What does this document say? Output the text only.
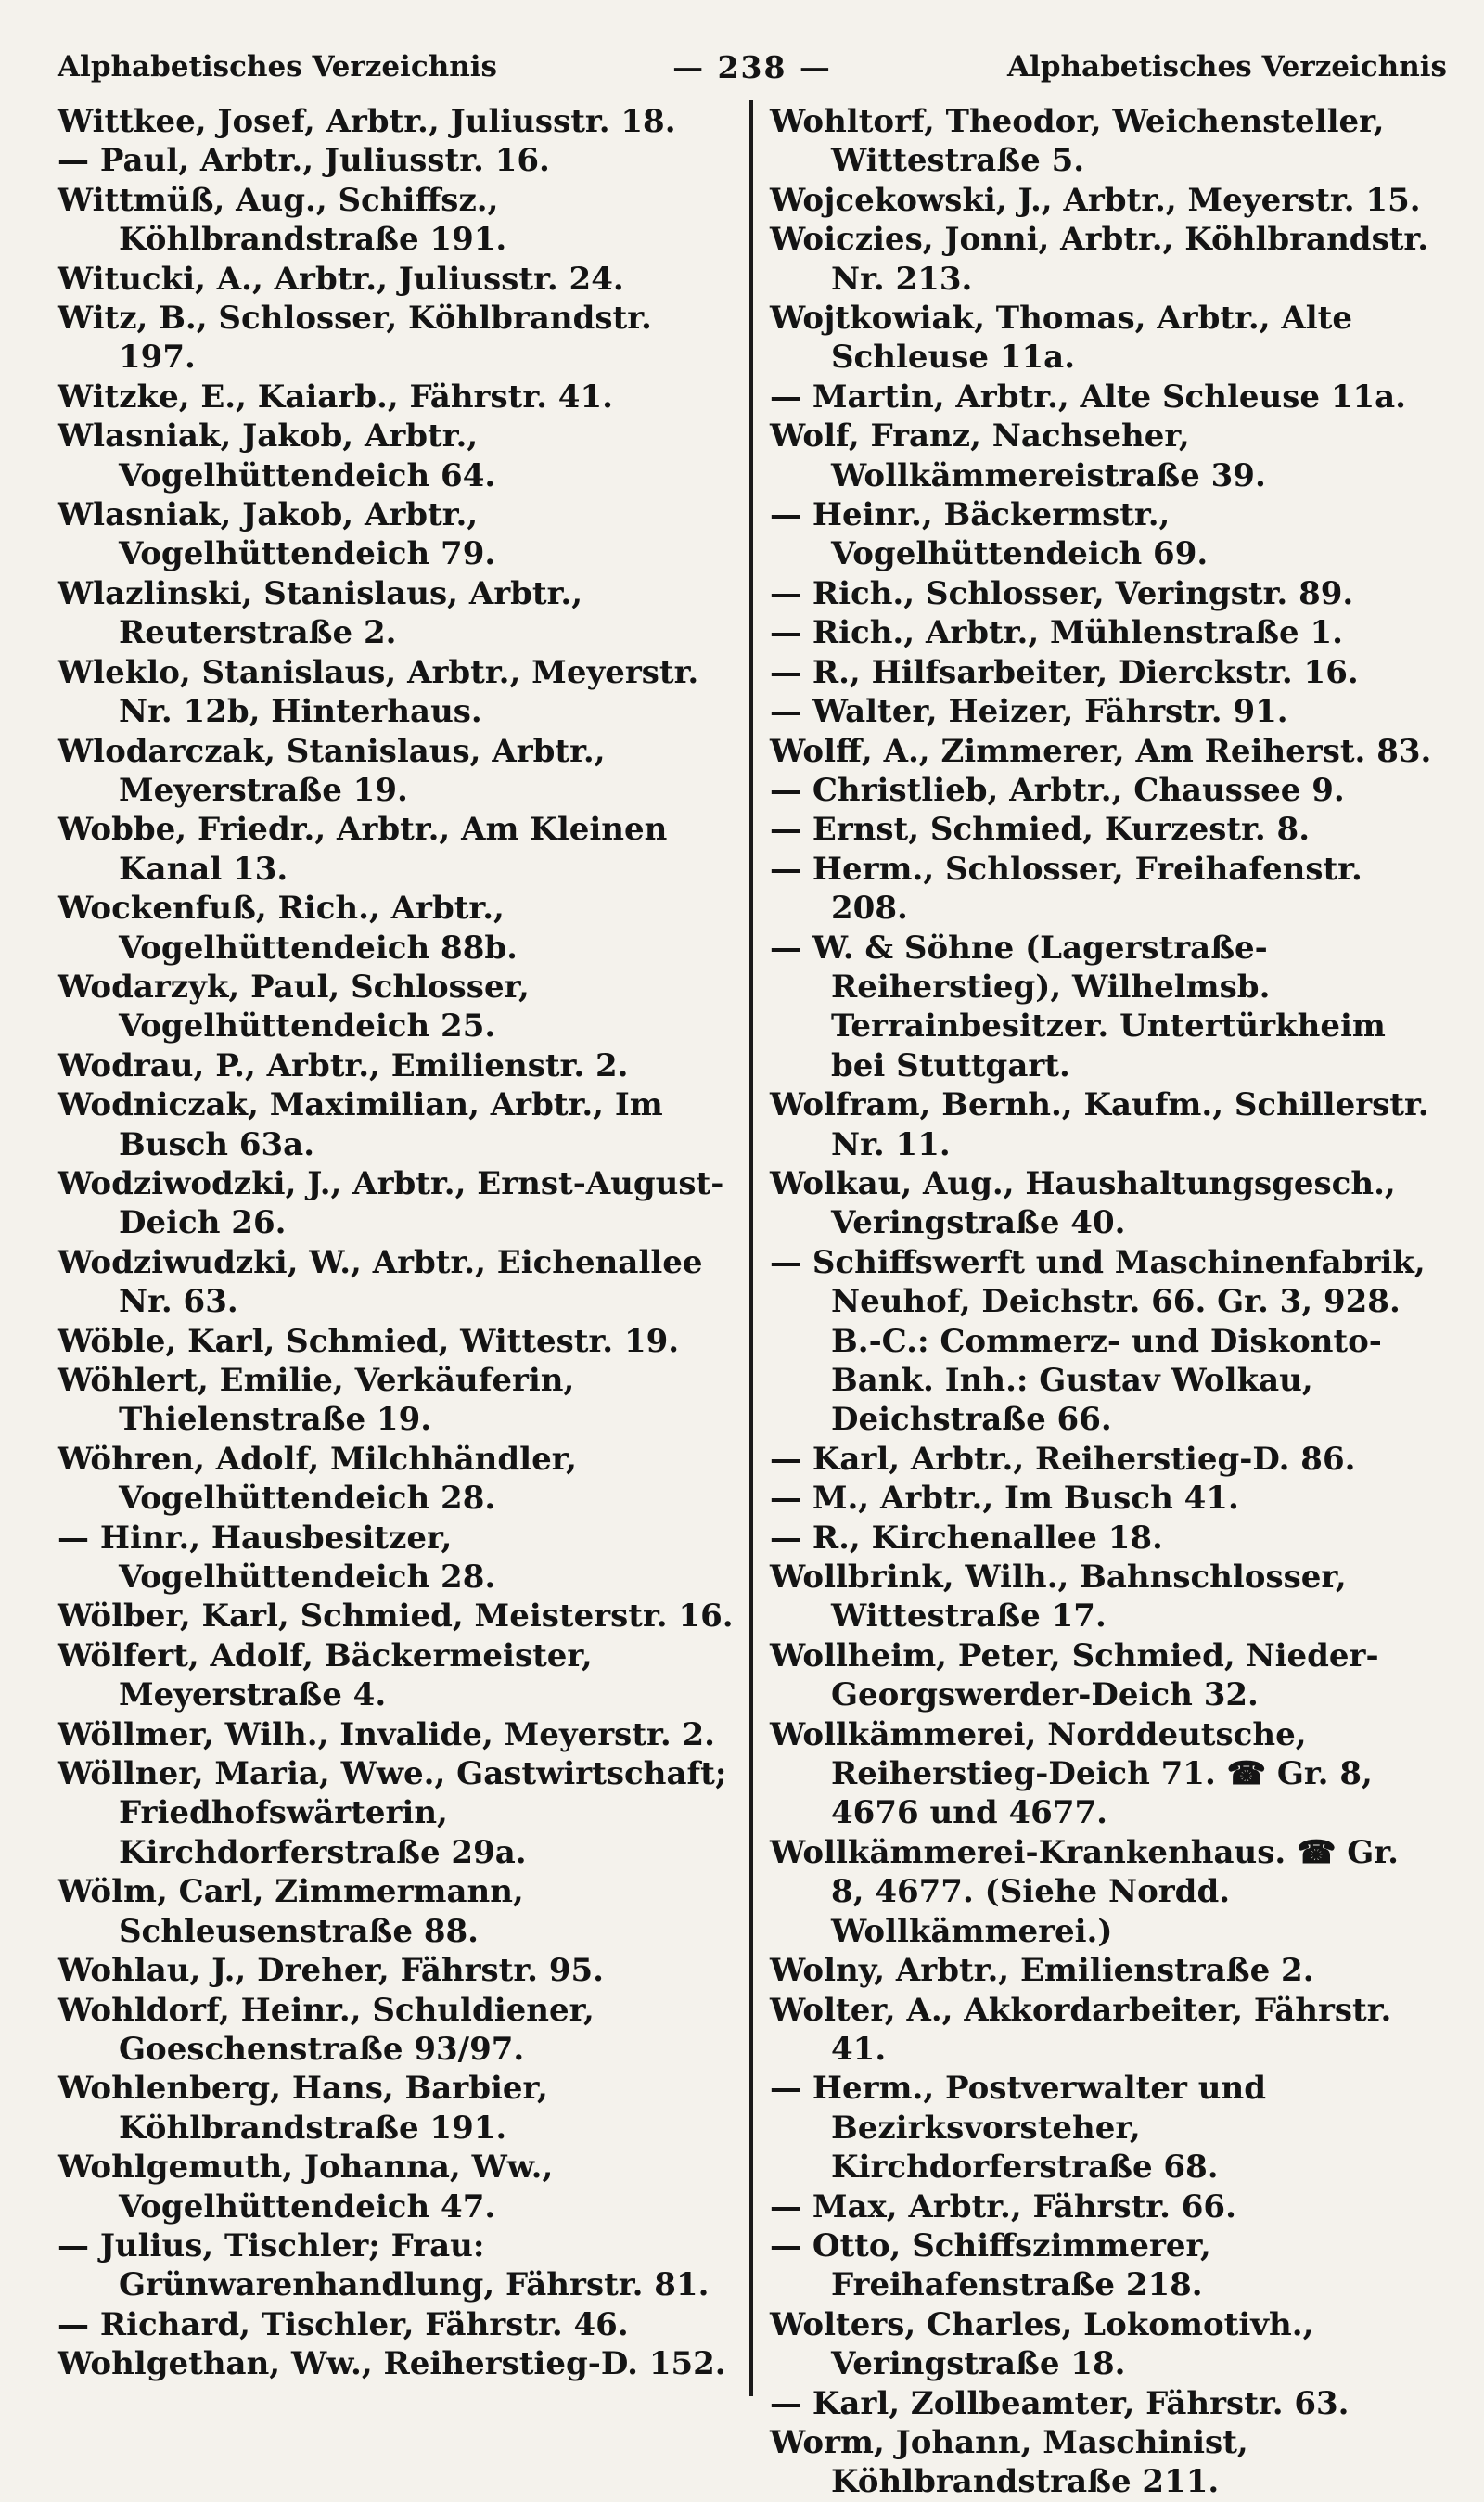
Alphabetisches Verzeichnis	— 238 —	Alphabetisches Verzeichnis

Wittkee, Josef, Arbtr., Juliusstr. 18.

— Paul, Arbtr., Juliusstr. 16.

Wittmüß, Aug., Schiffsz., Köhlbrandstraße 191.

Witucki, A., Arbtr., Juliusstr. 24.

Witz, B., Schlosser, Köhlbrandstr. 197.

Witzke, E., Kaiarb., Fährstr. 41.

Wlasniak, Jakob, Arbtr., Vogelhüttendeich 64.

Wlasniak, Jakob, Arbtr., Vogelhüttendeich 79.

Wlazlinski, Stanislaus, Arbtr., Reuterstraße 2.

Wleklo, Stanislaus, Arbtr., Meyerstr. Nr. 12b, Hinterhaus.

Wlodarczak, Stanislaus, Arbtr., Meyerstraße 19.

Wobbe, Friedr., Arbtr., Am Kleinen Kanal 13.

Wockenfuß, Rich., Arbtr., Vogelhüttendeich 88b.

Wodarzyk, Paul, Schlosser, Vogelhüttendeich 25.

Wodrau, P., Arbtr., Emilienstr. 2.

Wodniczak, Maximilian, Arbtr., Im Busch 63a.

Wodziwodzki, J., Arbtr., Ernst-August-Deich 26.

Wodziwudzki, W., Arbtr., Eichenallee Nr. 63.

Wöble, Karl, Schmied, Wittestr. 19.

Wöhlert, Emilie, Verkäuferin, Thielenstraße 19.

Wöhren, Adolf, Milchhändler, Vogelhüttendeich 28.

— Hinr., Hausbesitzer, Vogelhüttendeich 28.

Wölber, Karl, Schmied, Meisterstr. 16.

Wölfert, Adolf, Bäckermeister, Meyerstraße 4.

Wöllmer, Wilh., Invalide, Meyerstr. 2.

Wöllner, Maria, Wwe., Gastwirtschaft; Friedhofswärterin, Kirchdorferstraße 29a.

Wölm, Carl, Zimmermann, Schleusenstraße 88.

Wohlau, J., Dreher, Fährstr. 95.

Wohldorf, Heinr., Schuldiener, Goeschenstraße 93/97.

Wohlenberg, Hans, Barbier, Köhlbrandstraße 191.

Wohlgemuth, Johanna, Ww., Vogelhüttendeich 47.

— Julius, Tischler; Frau: Grünwarenhandlung, Fährstr. 81.

— Richard, Tischler, Fährstr. 46.

Wohlgethan, Ww., Reiherstieg-D. 152.

Wohltorf, Theodor, Weichensteller, Wittestraße 5.

Wojcekowski, J., Arbtr., Meyerstr. 15.

Woiczies, Jonni, Arbtr., Köhlbrandstr. Nr. 213.

Wojtkowiak, Thomas, Arbtr., Alte Schleuse 11a.

— Martin, Arbtr., Alte Schleuse 11a.

Wolf, Franz, Nachseher, Wollkämmereistraße 39.

— Heinr., Bäckermstr., Vogelhüttendeich 69.

— Rich., Schlosser, Veringstr. 89.

— Rich., Arbtr., Mühlenstraße 1.

— R., Hilfsarbeiter, Dierckstr. 16.

— Walter, Heizer, Fährstr. 91.

Wolff, A., Zimmerer, Am Reiherst. 83.

— Christlieb, Arbtr., Chaussee 9.

— Ernst, Schmied, Kurzestr. 8.

— Herm., Schlosser, Freihafenstr. 208.

— W. & Söhne (Lagerstraße-Reiherstieg), Wilhelmsb. Terrainbesitzer. Untertürkheim bei Stuttgart.

Wolfram, Bernh., Kaufm., Schillerstr. Nr. 11.

Wolkau, Aug., Haushaltungsgesch., Veringstraße 40.

— Schiffswerft und Maschinenfabrik, Neuhof, Deichstr. 66. Gr. 3, 928. B.-C.: Commerz- und Diskonto-Bank. Inh.: Gustav Wolkau, Deichstraße 66.

— Karl, Arbtr., Reiherstieg-D. 86.

— M., Arbtr., Im Busch 41.

— R., Kirchenallee 18.

Wollbrink, Wilh., Bahnschlosser, Wittestraße 17.

Wollheim, Peter, Schmied, Nieder-Georgswerder-Deich 32.

Wollkämmerei, Norddeutsche, Reiherstieg-Deich 71. ☎ Gr. 8, 4676 und 4677.

Wollkämmerei-Krankenhaus. ☎ Gr. 8, 4677. (Siehe Nordd. Wollkämmerei.)

Wolny, Arbtr., Emilienstraße 2.

Wolter, A., Akkordarbeiter, Fährstr. 41.

— Herm., Postverwalter und Bezirksvorsteher, Kirchdorferstraße 68.

— Max, Arbtr., Fährstr. 66.

— Otto, Schiffszimmerer, Freihafenstraße 218.

Wolters, Charles, Lokomotivh., Veringstraße 18.

— Karl, Zollbeamter, Fährstr. 63.

Worm, Johann, Maschinist, Köhlbrandstraße 211.
